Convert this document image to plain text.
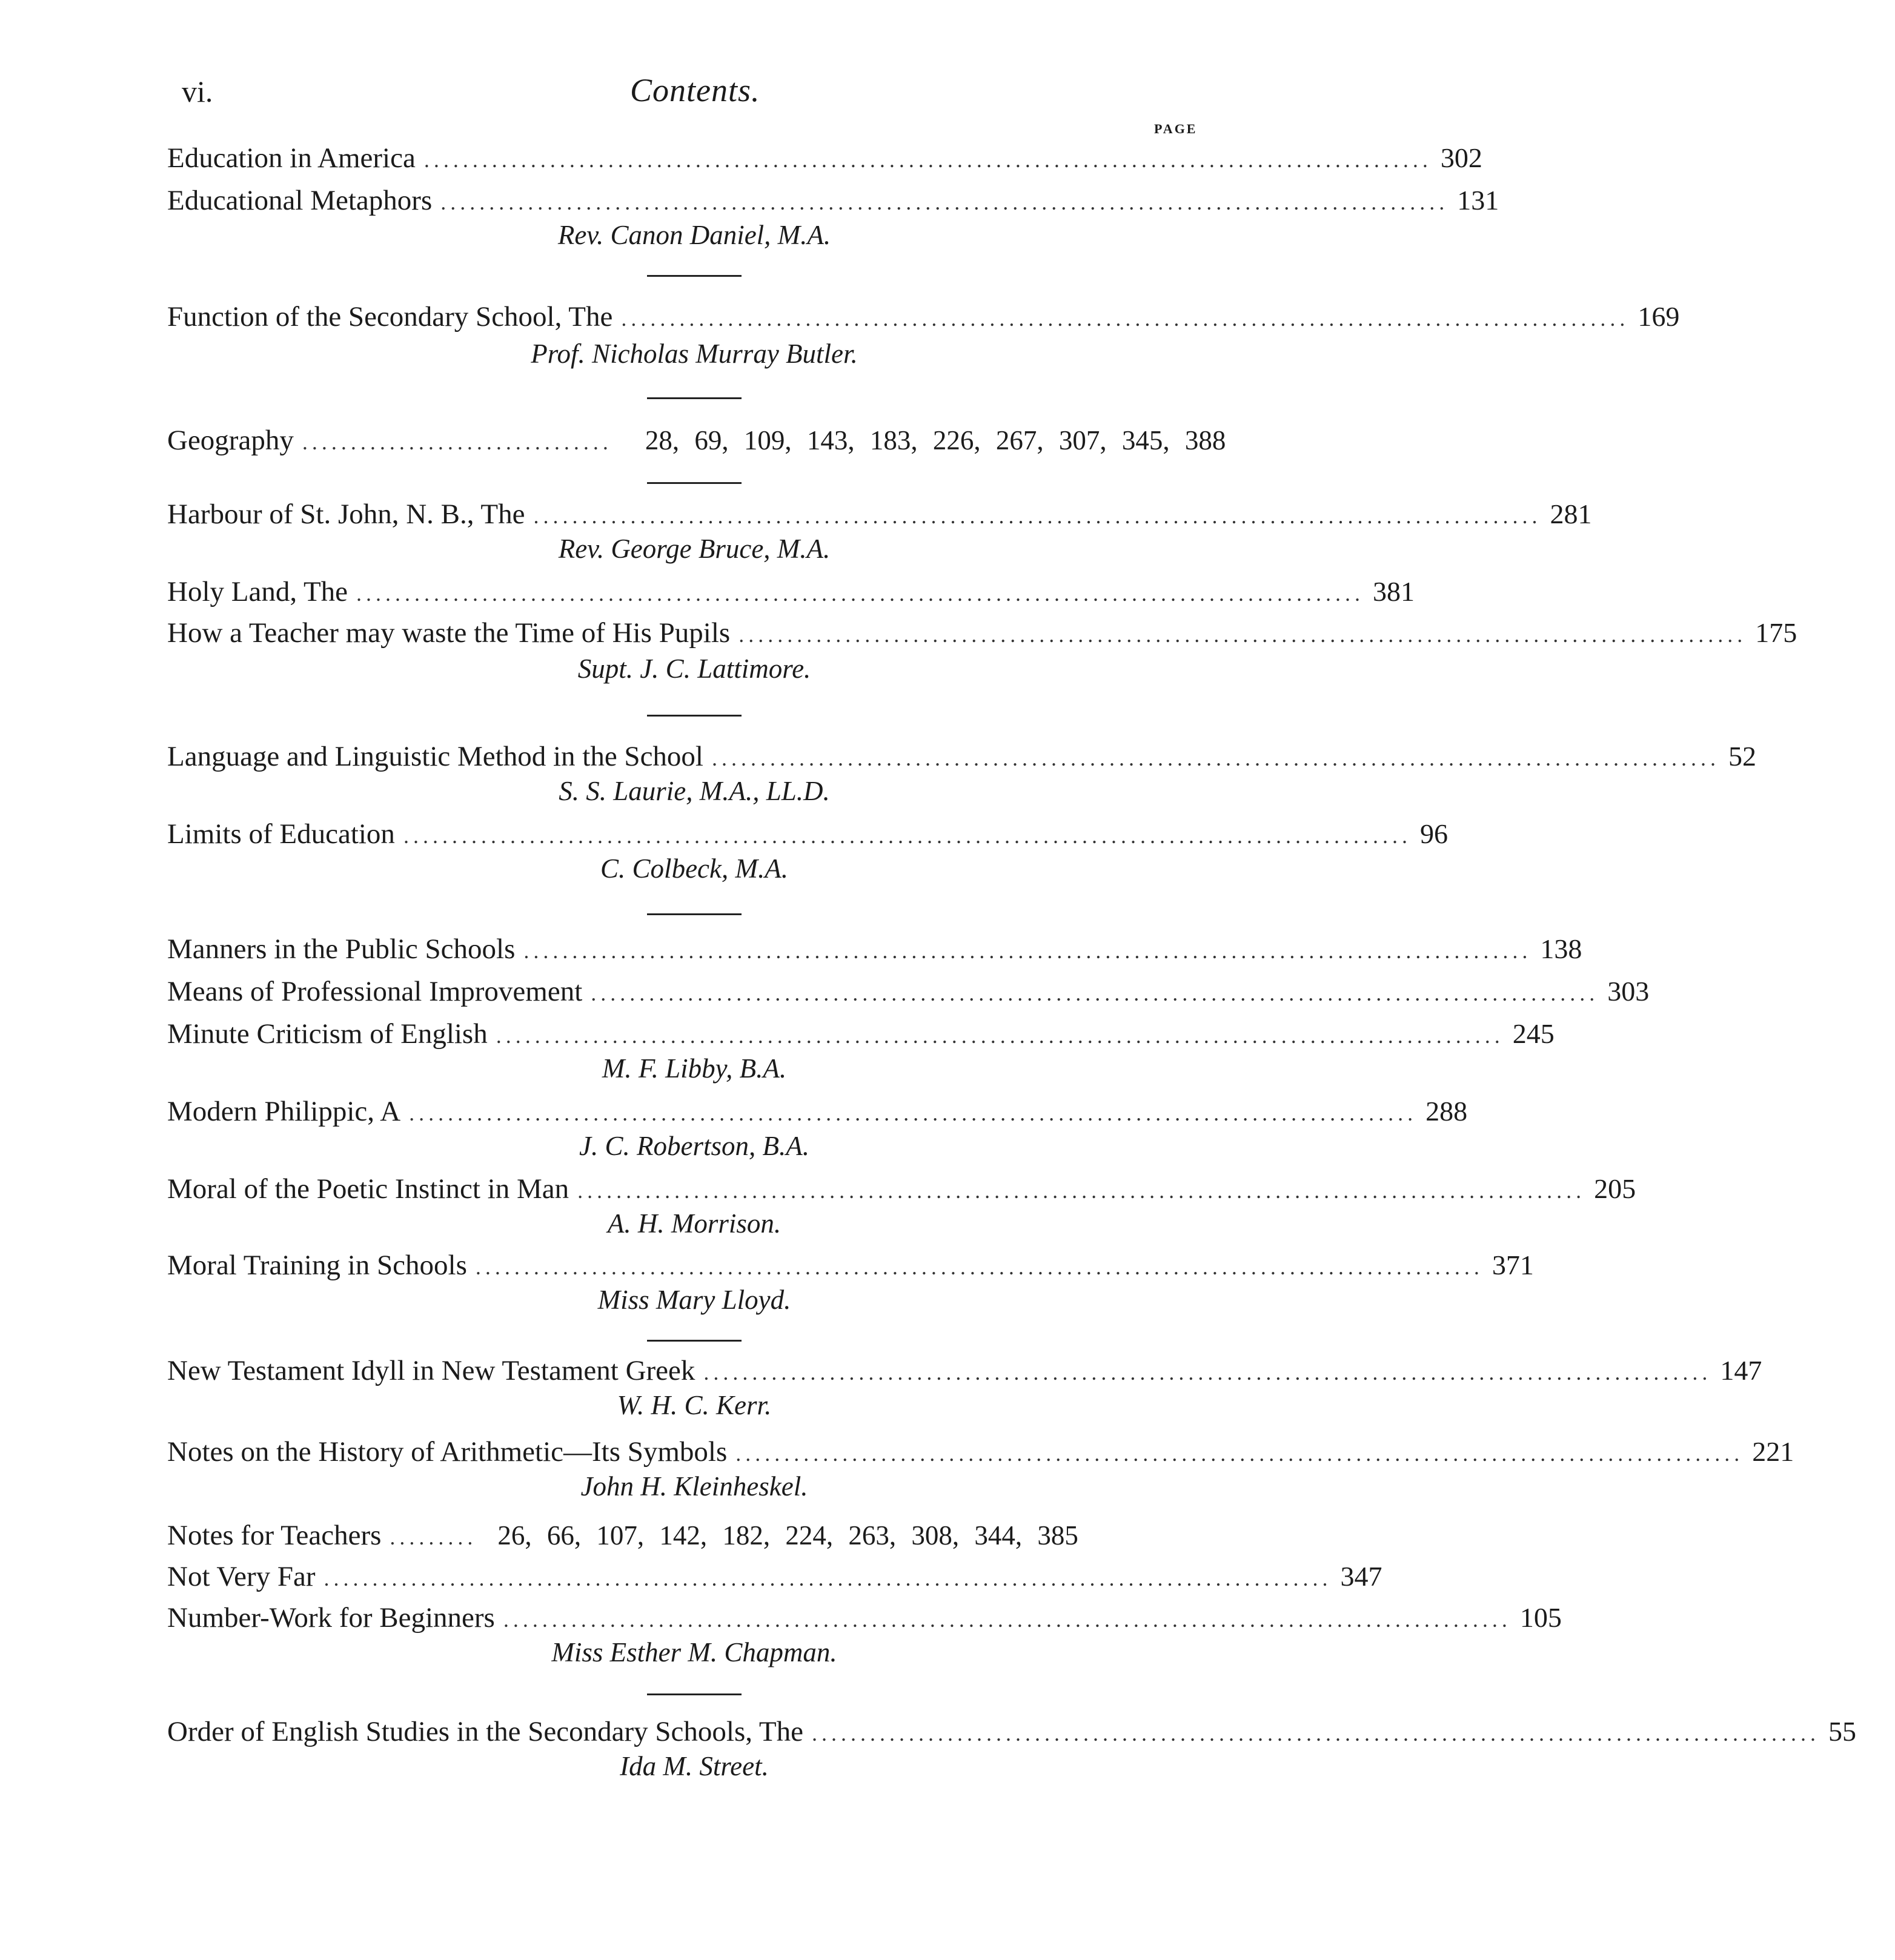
vi.	Contents.
PAGE
Education in America ........................................................................................................ 302
Educational Metaphors ........................................................................................................ 131
Rev. Canon Daniel, M.A.
Function of the Secondary School, The ........................................................................................................ 169
Prof. Nicholas Murray Butler.
Geography ................................ 28, 69, 109, 143, 183, 226, 267, 307, 345, 388
Harbour of St. John, N. B., The ........................................................................................................ 281
Rev. George Bruce, M.A.
Holy Land, The ........................................................................................................ 381
How a Teacher may waste the Time of His Pupils ........................................................................................................ 175
Supt. J. C. Lattimore.
Language and Linguistic Method in the School ........................................................................................................ 52
S. S. Laurie, M.A., LL.D.
Limits of Education ........................................................................................................ 96
C. Colbeck, M.A.
Manners in the Public Schools ........................................................................................................ 138
Means of Professional Improvement ........................................................................................................ 303
Minute Criticism of English ........................................................................................................ 245
M. F. Libby, B.A.
Modern Philippic, A ........................................................................................................ 288
J. C. Robertson, B.A.
Moral of the Poetic Instinct in Man ........................................................................................................ 205
A. H. Morrison.
Moral Training in Schools ........................................................................................................ 371
Miss Mary Lloyd.
New Testament Idyll in New Testament Greek ........................................................................................................ 147
W. H. C. Kerr.
Notes on the History of Arithmetic—Its Symbols ........................................................................................................ 221
John H. Kleinheskel.
Notes for Teachers ......... 26, 66, 107, 142, 182, 224, 263, 308, 344, 385
Not Very Far ........................................................................................................ 347
Number-Work for Beginners ........................................................................................................ 105
Miss Esther M. Chapman.
Order of English Studies in the Secondary Schools, The ........................................................................................................ 55
Ida M. Street.
